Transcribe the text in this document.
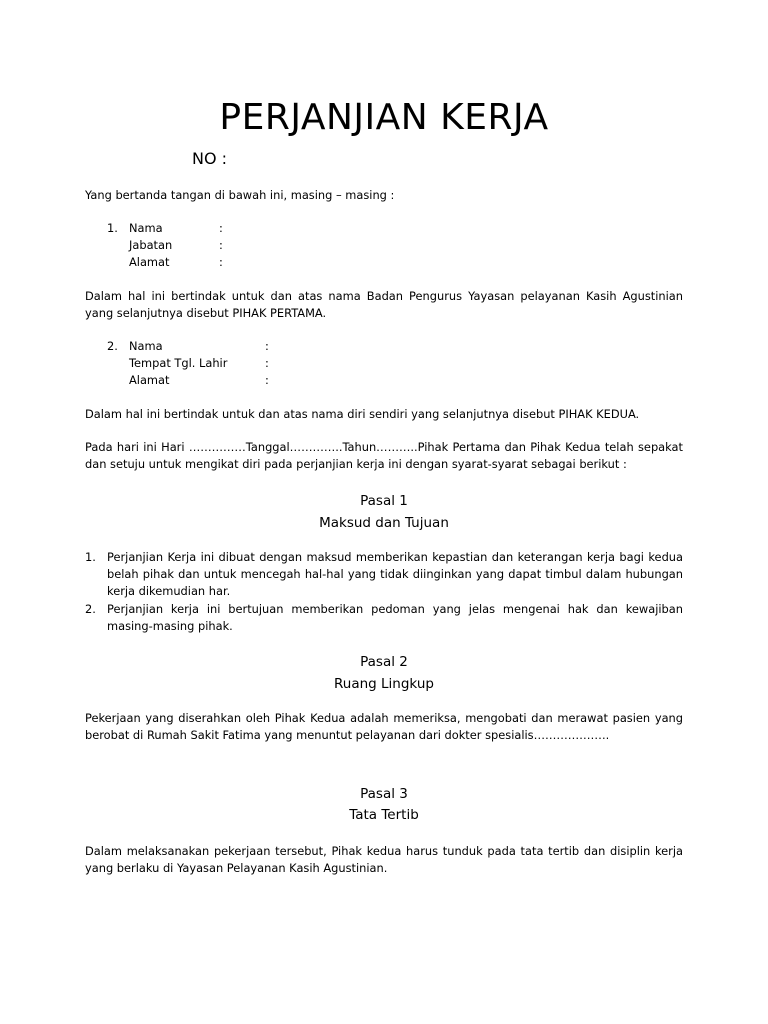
PERJANJIAN KERJA
NO :
Yang bertanda tangan di bawah ini, masing – masing :
1. Nama	:
Jabatan	:
Alamat	:
Dalam hal ini bertindak untuk dan atas nama Badan Pengurus Yayasan pelayanan Kasih Agustinian yang selanjutnya disebut PIHAK PERTAMA.
2. Nama	:
Tempat Tgl. Lahir	:
Alamat	:
Dalam hal ini bertindak untuk dan atas nama diri sendiri yang selanjutnya disebut PIHAK KEDUA.
Pada hari ini Hari ……………Tanggal…………..Tahun………..Pihak Pertama dan Pihak Kedua telah sepakat dan setuju untuk mengikat diri pada perjanjian kerja ini dengan syarat-syarat sebagai berikut :
Pasal 1
Maksud dan Tujuan
1. Perjanjian Kerja ini dibuat dengan maksud memberikan kepastian dan keterangan kerja bagi kedua belah pihak dan untuk mencegah hal-hal yang tidak diinginkan yang dapat timbul dalam hubungan kerja dikemudian har.
2. Perjanjian kerja ini bertujuan memberikan pedoman yang jelas mengenai hak dan kewajiban masing-masing pihak.
Pasal 2
Ruang Lingkup
Pekerjaan yang diserahkan oleh Pihak Kedua adalah memeriksa, mengobati dan merawat pasien yang berobat di Rumah Sakit Fatima yang menuntut pelayanan dari dokter spesialis………………..
Pasal 3
Tata Tertib
Dalam melaksanakan pekerjaan tersebut, Pihak kedua harus tunduk pada tata tertib dan disiplin kerja yang berlaku di Yayasan Pelayanan Kasih Agustinian.
